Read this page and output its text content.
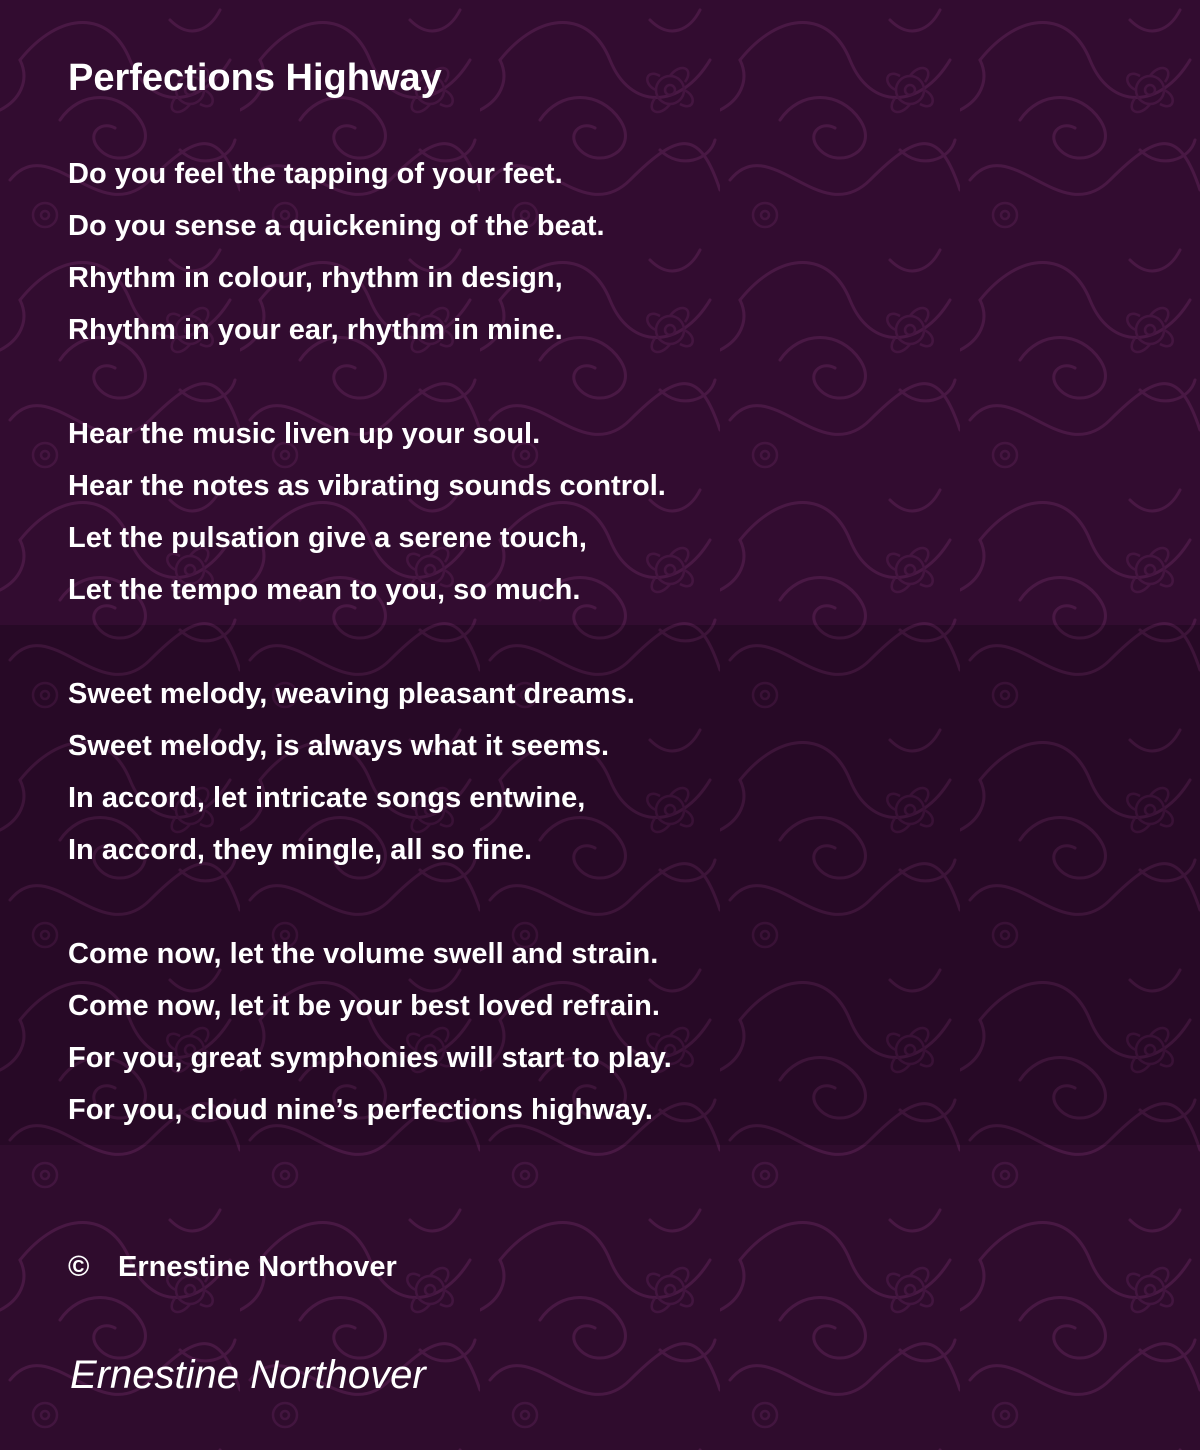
Perfections Highway
Do you feel the tapping of your feet.
Do you sense a quickening of the beat.
Rhythm in colour, rhythm in design,
Rhythm in your ear, rhythm in mine.
Hear the music liven up your soul.
Hear the notes as vibrating sounds control.
Let the pulsation give a serene touch,
Let the tempo mean to you, so much.
Sweet melody, weaving pleasant dreams.
Sweet melody, is always what it seems.
In accord, let intricate songs entwine,
In accord, they mingle, all so fine.
Come now, let the volume swell and strain.
Come now, let it be your best loved refrain.
For you, great symphonies will start to play.
For you, cloud nine’s perfections highway.
© Ernestine Northover
Ernestine Northover
